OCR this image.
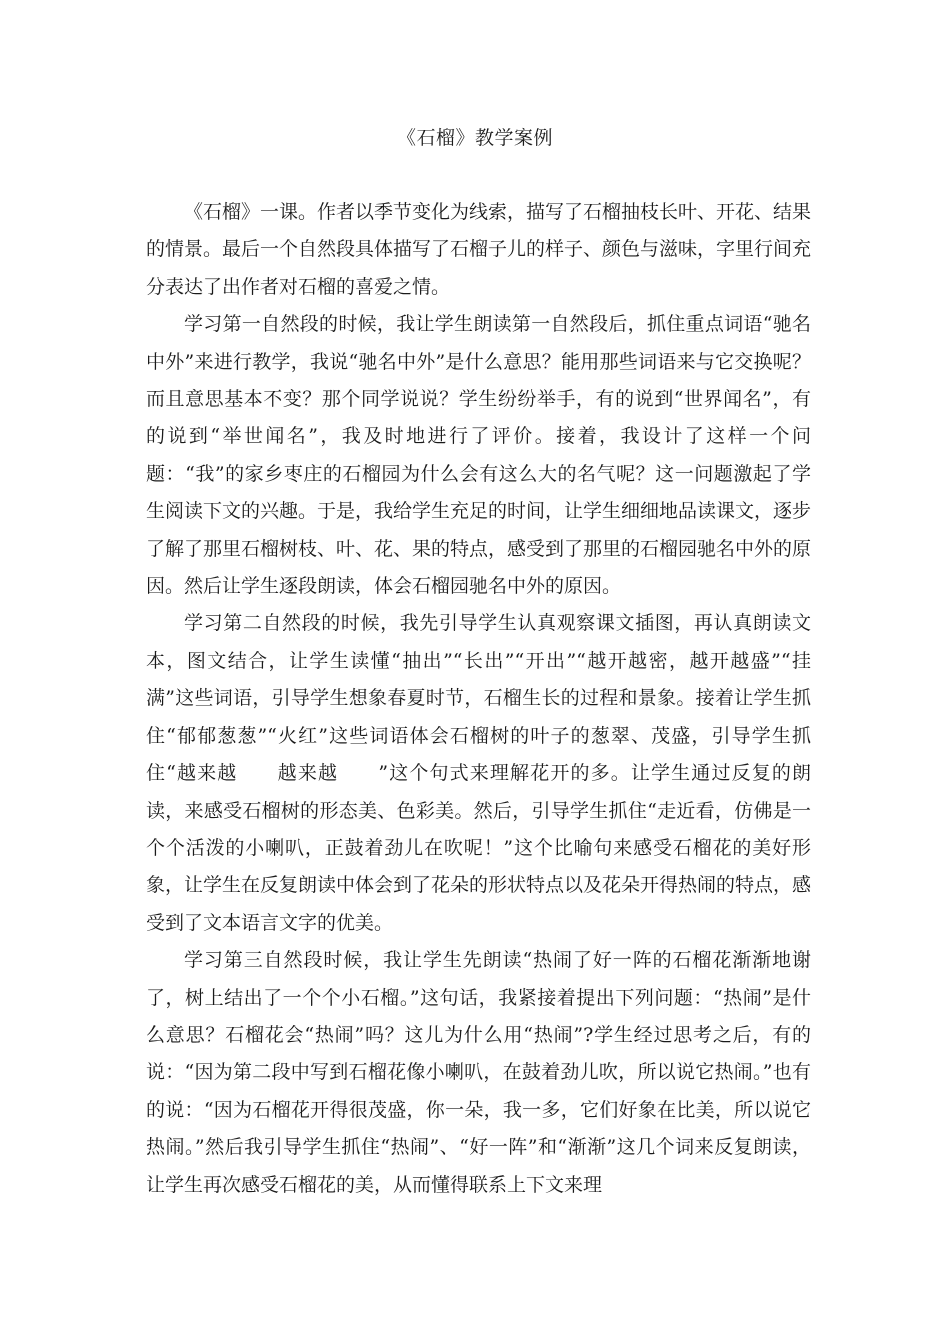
《石榴》教学案例

《石榴》一课。作者以季节变化为线索，描写了石榴抽枝长叶、开花、结果的情景。最后一个自然段具体描写了石榴子儿的样子、颜色与滋味，字里行间充分表达了出作者对石榴的喜爱之情。

学习第一自然段的时候，我让学生朗读第一自然段后，抓住重点词语“驰名中外”来进行教学，我说“驰名中外”是什么意思？能用那些词语来与它交换呢？而且意思基本不变？那个同学说说？学生纷纷举手，有的说到“世界闻名”，有的说到“举世闻名”，我及时地进行了评价。接着，我设计了这样一个问题：“我”的家乡枣庄的石榴园为什么会有这么大的名气呢？这一问题激起了学生阅读下文的兴趣。于是，我给学生充足的时间，让学生细细地品读课文，逐步了解了那里石榴树枝、叶、花、果的特点，感受到了那里的石榴园驰名中外的原因。然后让学生逐段朗读，体会石榴园驰名中外的原因。

学习第二自然段的时候，我先引导学生认真观察课文插图，再认真朗读文本，图文结合，让学生读懂“抽出”“长出”“开出”“越开越密，越开越盛”“挂满”这些词语，引导学生想象春夏时节，石榴生长的过程和景象。接着让学生抓住“郁郁葱葱”“火红”这些词语体会石榴树的叶子的葱翠、茂盛，引导学生抓住“越来越　　越来越　　”这个句式来理解花开的多。让学生通过反复的朗读，来感受石榴树的形态美、色彩美。然后，引导学生抓住“走近看，仿佛是一个个活泼的小喇叭，正鼓着劲儿在吹呢！”这个比喻句来感受石榴花的美好形象，让学生在反复朗读中体会到了花朵的形状特点以及花朵开得热闹的特点，感受到了文本语言文字的优美。

学习第三自然段时候，我让学生先朗读“热闹了好一阵的石榴花渐渐地谢了，树上结出了一个个小石榴。”这句话，我紧接着提出下列问题：“热闹”是什么意思？石榴花会“热闹”吗？这儿为什么用“热闹”?学生经过思考之后，有的说：“因为第二段中写到石榴花像小喇叭，在鼓着劲儿吹，所以说它热闹。”也有的说：“因为石榴花开得很茂盛，你一朵，我一多，它们好象在比美，所以说它热闹。”然后我引导学生抓住“热闹”、“好一阵”和“渐渐”这几个词来反复朗读，让学生再次感受石榴花的美，从而懂得联系上下文来理
